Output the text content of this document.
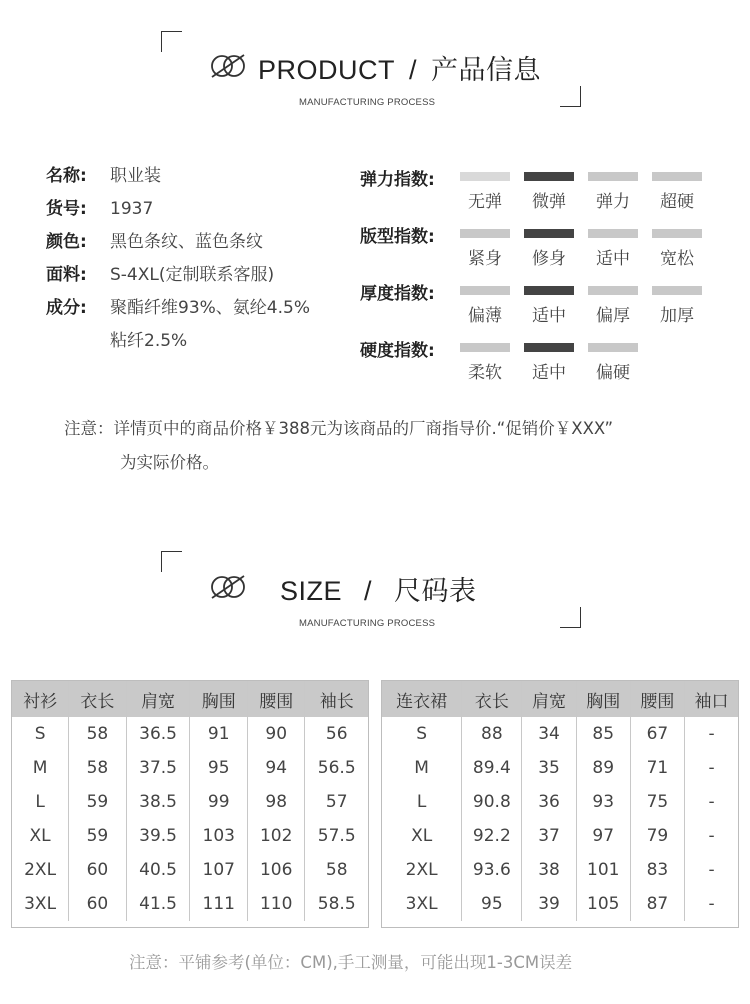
PRODUCT / 产品信息
MANUFACTURING PROCESS
名称: 职业装
货号: 1937
颜色: 黑色条纹、蓝色条纹
面料: S-4XL(定制联系客服)
成分: 聚酯纤维93%、氨纶4.5%
粘纤2.5%
弹力指数:
无弹	微弹	弹力	超硬
版型指数:
紧身	修身	适中	宽松
厚度指数:
偏薄	适中	偏厚	加厚
硬度指数:
柔软	适中	偏硬
注意：详情页中的商品价格￥388元为该商品的厂商指导价.“促销价￥XXX”
为实际价格。
SIZE / 尺码表
MANUFACTURING PROCESS
衬衫	衣长	肩宽	胸围	腰围	袖长
S	58	36.5	91	90	56
M	58	37.5	95	94	56.5
L	59	38.5	99	98	57
XL	59	39.5	103	102	57.5
2XL	60	40.5	107	106	58
3XL	60	41.5	111	110	58.5
连衣裙	衣长	肩宽	胸围	腰围	袖口
S	88	34	85	67	-
M	89.4	35	89	71	-
L	90.8	36	93	75	-
XL	92.2	37	97	79	-
2XL	93.6	38	101	83	-
3XL	95	39	105	87	-
注意：平铺参考(单位：CM),手工测量，可能出现1-3CM误差
